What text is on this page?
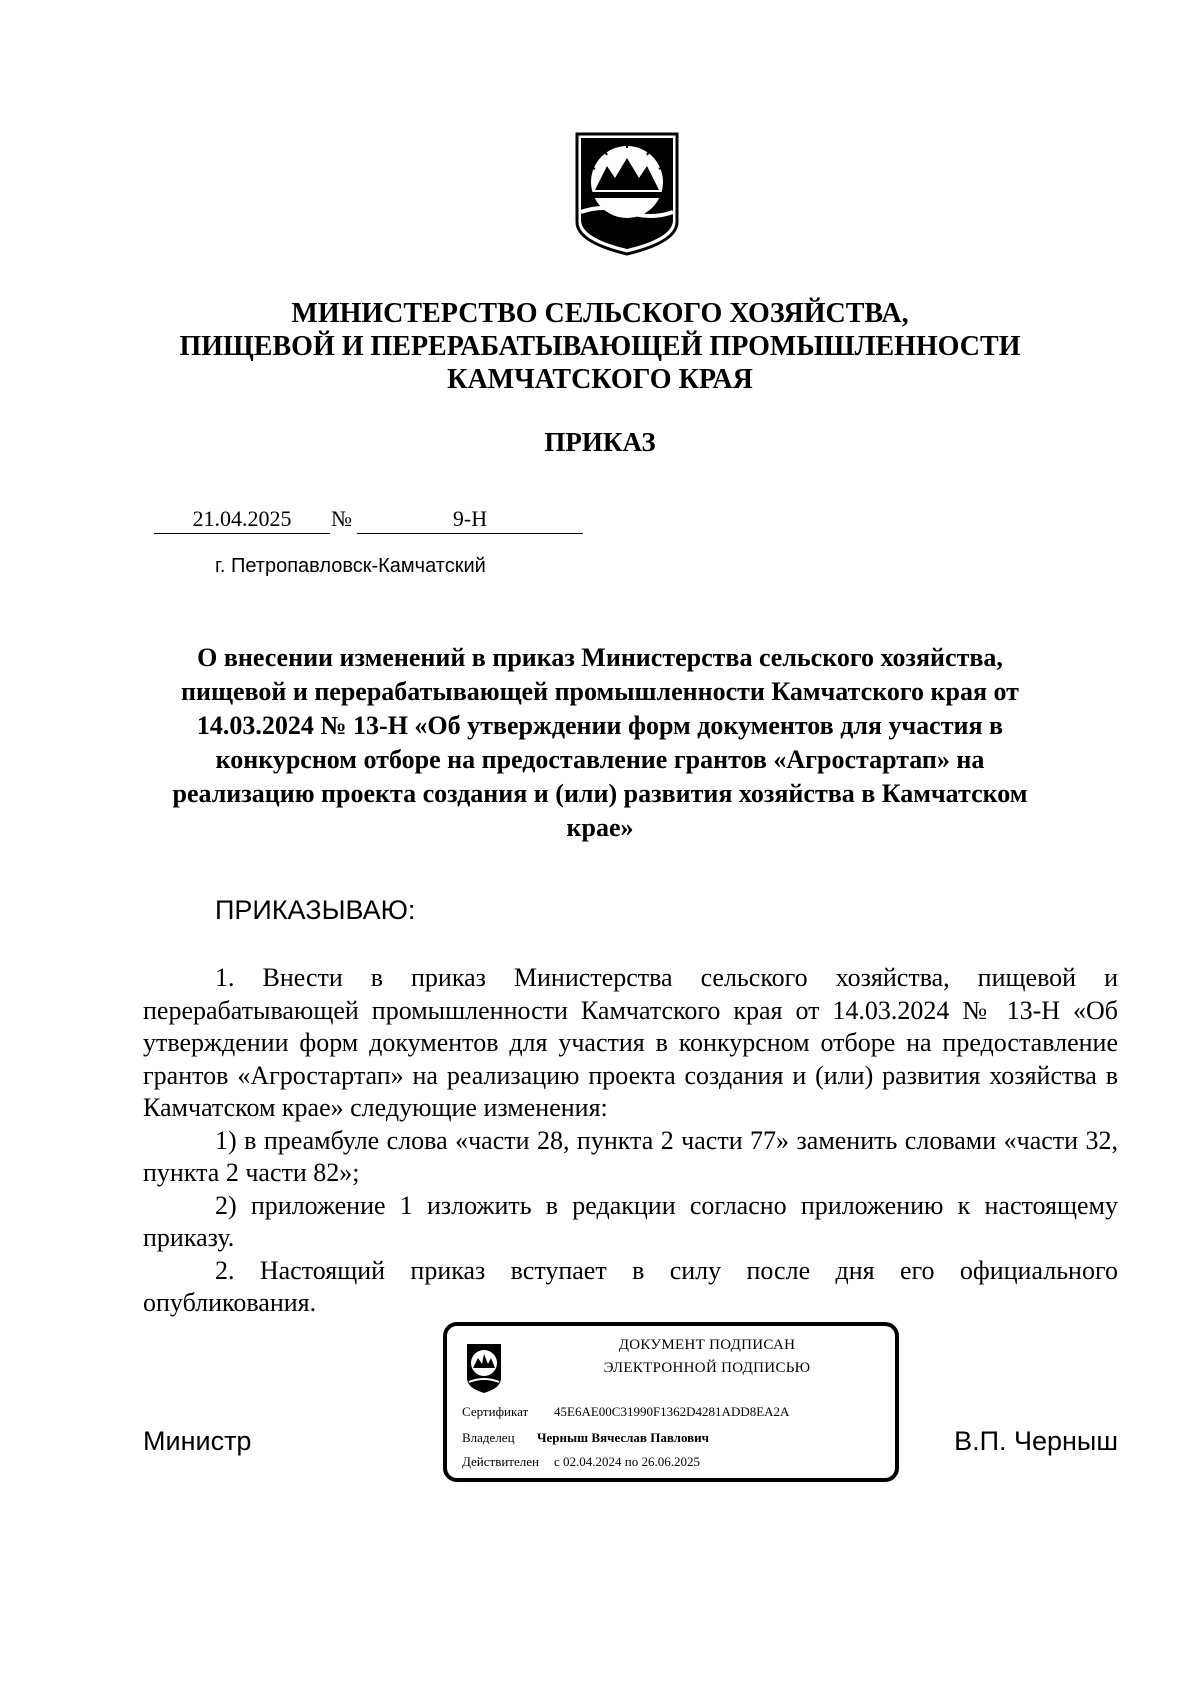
МИНИСТЕРСТВО СЕЛЬСКОГО ХОЗЯЙСТВА,
ПИЩЕВОЙ И ПЕРЕРАБАТЫВАЮЩЕЙ ПРОМЫШЛЕННОСТИ
КАМЧАТСКОГО КРАЯ
ПРИКАЗ
21.04.2025	№	9-Н
г. Петропавловск-Камчатский
О внесении изменений в приказ Министерства сельского хозяйства, пищевой и перерабатывающей промышленности Камчатского края от 14.03.2024 № 13-Н «Об утверждении форм документов для участия в конкурсном отборе на предоставление грантов «Агростартап» на реализацию проекта создания и (или) развития хозяйства в Камчатском крае»
ПРИКАЗЫВАЮ:

1. Внести в приказ Министерства сельского хозяйства, пищевой и перерабатывающей промышленности Камчатского края от 14.03.2024 № 13-Н «Об утверждении форм документов для участия в конкурсном отборе на предоставление грантов «Агростартап» на реализацию проекта создания и (или) развития хозяйства в Камчатском крае» следующие изменения:

1) в преамбуле слова «части 28, пункта 2 части 77» заменить словами «части 32, пункта 2 части 82»;

2) приложение 1 изложить в редакции согласно приложению к настоящему приказу.

2. Настоящий приказ вступает в силу после дня его официального опубликования.

Министр	В.П. Черныш
ДОКУМЕНТ ПОДПИСАН
ЭЛЕКТРОННОЙ ПОДПИСЬЮ
Сертификат 45E6AE00C31990F1362D4281ADD8EA2A
Владелец Черныш Вячеслав Павлович
Действителен с 02.04.2024 по 26.06.2025
